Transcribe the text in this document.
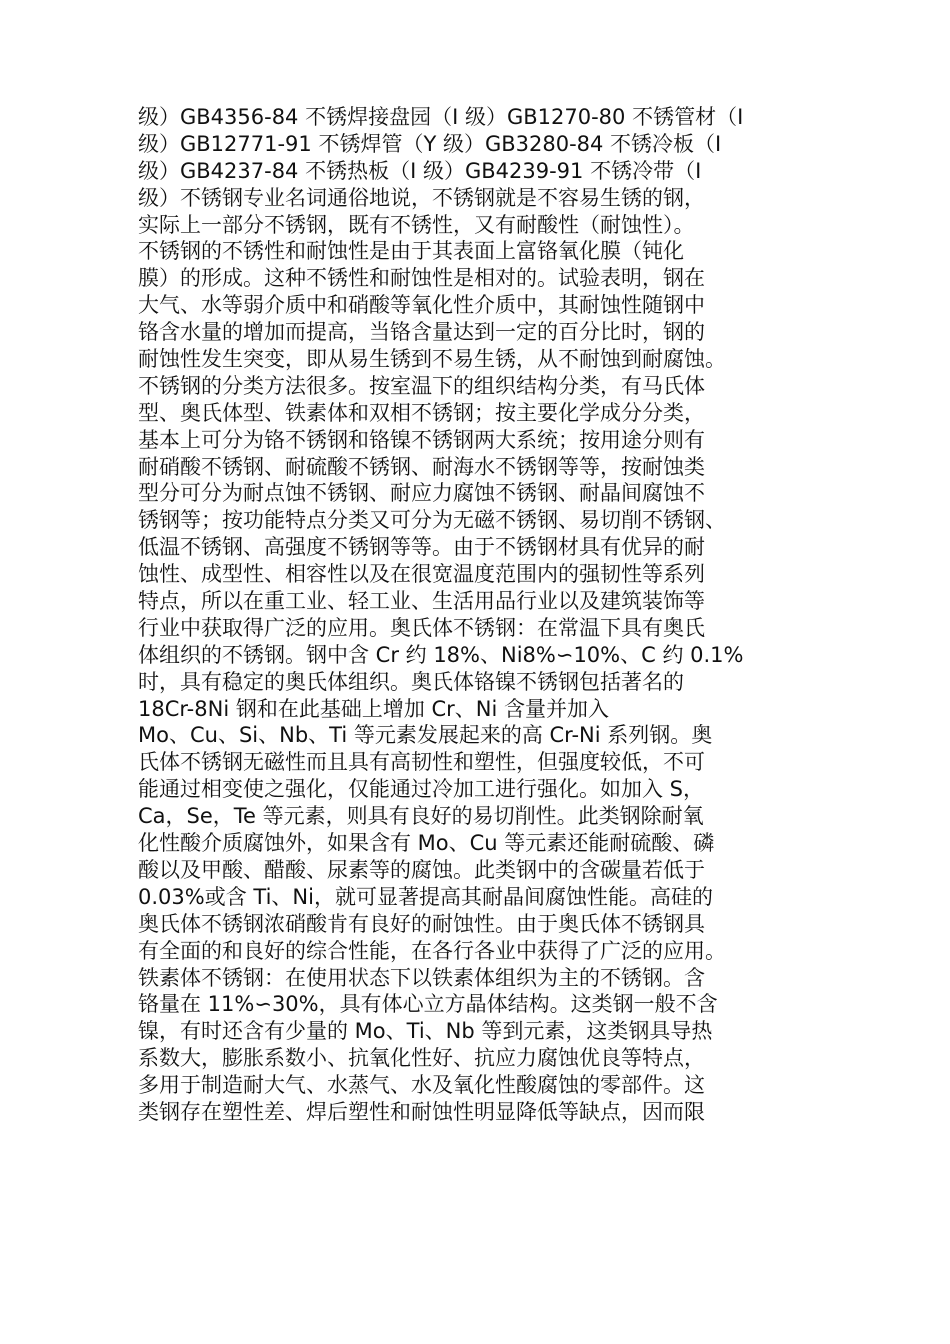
级）GB4356-84 不锈焊接盘园（I 级）GB1270-80 不锈管材（I
级）GB12771-91 不锈焊管（Y 级）GB3280-84 不锈冷板（I
级）GB4237-84 不锈热板（I 级）GB4239-91 不锈冷带（I
级）不锈钢专业名词通俗地说，不锈钢就是不容易生锈的钢，
实际上一部分不锈钢，既有不锈性，又有耐酸性（耐蚀性）。
不锈钢的不锈性和耐蚀性是由于其表面上富铬氧化膜（钝化
膜）的形成。这种不锈性和耐蚀性是相对的。试验表明，钢在
大气、水等弱介质中和硝酸等氧化性介质中，其耐蚀性随钢中
铬含水量的增加而提高，当铬含量达到一定的百分比时，钢的
耐蚀性发生突变，即从易生锈到不易生锈，从不耐蚀到耐腐蚀。
不锈钢的分类方法很多。按室温下的组织结构分类，有马氏体
型、奥氏体型、铁素体和双相不锈钢；按主要化学成分分类，
基本上可分为铬不锈钢和铬镍不锈钢两大系统；按用途分则有
耐硝酸不锈钢、耐硫酸不锈钢、耐海水不锈钢等等，按耐蚀类
型分可分为耐点蚀不锈钢、耐应力腐蚀不锈钢、耐晶间腐蚀不
锈钢等；按功能特点分类又可分为无磁不锈钢、易切削不锈钢、
低温不锈钢、高强度不锈钢等等。由于不锈钢材具有优异的耐
蚀性、成型性、相容性以及在很宽温度范围内的强韧性等系列
特点，所以在重工业、轻工业、生活用品行业以及建筑装饰等
行业中获取得广泛的应用。奥氏体不锈钢：在常温下具有奥氏
体组织的不锈钢。钢中含 Cr 约 18%、Ni8%∽10%、C 约 0.1%
时，具有稳定的奥氏体组织。奥氏体铬镍不锈钢包括著名的
18Cr-8Ni 钢和在此基础上增加 Cr、Ni 含量并加入
Mo、Cu、Si、Nb、Ti 等元素发展起来的高 Cr-Ni 系列钢。奥
氏体不锈钢无磁性而且具有高韧性和塑性，但强度较低，不可
能通过相变使之强化，仅能通过冷加工进行强化。如加入 S，
Ca，Se，Te 等元素，则具有良好的易切削性。此类钢除耐氧
化性酸介质腐蚀外，如果含有 Mo、Cu 等元素还能耐硫酸、磷
酸以及甲酸、醋酸、尿素等的腐蚀。此类钢中的含碳量若低于
0.03%或含 Ti、Ni，就可显著提高其耐晶间腐蚀性能。高硅的
奥氏体不锈钢浓硝酸肯有良好的耐蚀性。由于奥氏体不锈钢具
有全面的和良好的综合性能，在各行各业中获得了广泛的应用。
铁素体不锈钢：在使用状态下以铁素体组织为主的不锈钢。含
铬量在 11%∽30%，具有体心立方晶体结构。这类钢一般不含
镍，有时还含有少量的 Mo、Ti、Nb 等到元素，这类钢具导热
系数大，膨胀系数小、抗氧化性好、抗应力腐蚀优良等特点，
多用于制造耐大气、水蒸气、水及氧化性酸腐蚀的零部件。这
类钢存在塑性差、焊后塑性和耐蚀性明显降低等缺点，因而限
